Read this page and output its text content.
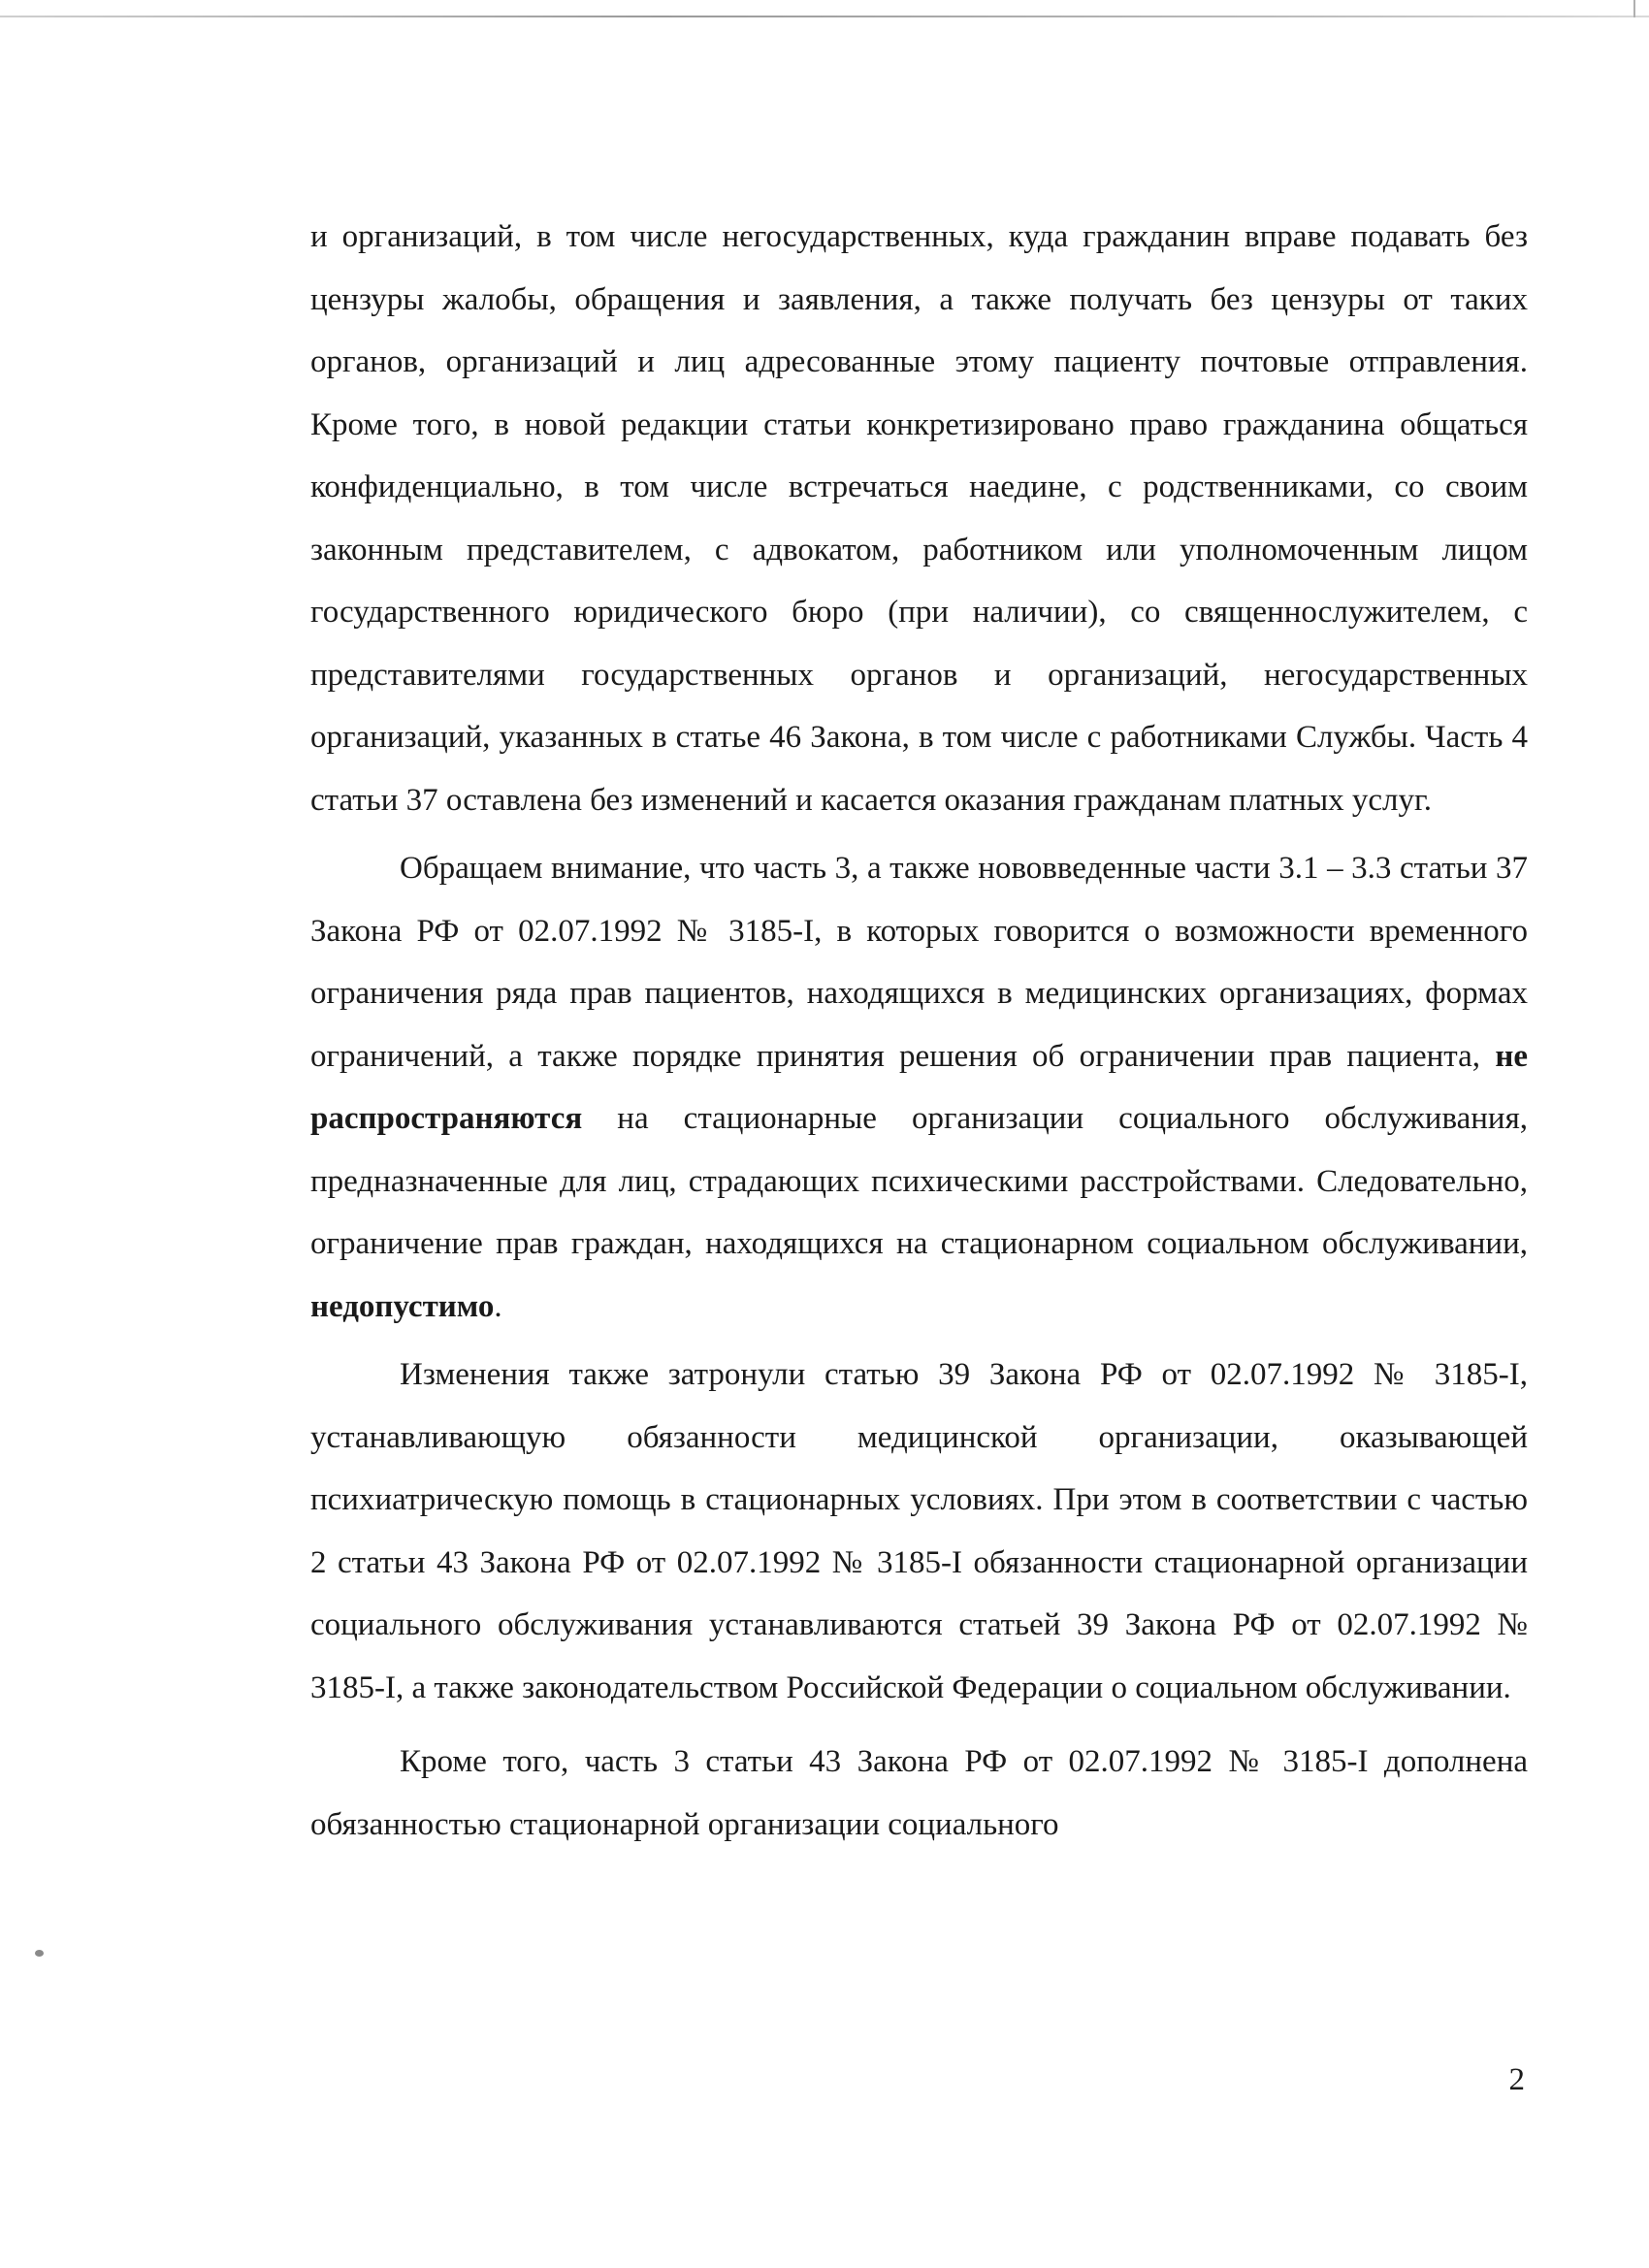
и организаций, в том числе негосударственных, куда гражданин вправе подавать без цензуры жалобы, обращения и заявления, а также получать без цензуры от таких органов, организаций и лиц адресованные этому пациенту почтовые отправления. Кроме того, в новой редакции статьи конкретизировано право гражданина общаться конфиденциально, в том числе встречаться наедине, с родственниками, со своим законным представителем, с адвокатом, работником или уполномоченным лицом государственного юридического бюро (при наличии), со священнослужителем, с представителями государственных органов и организаций, негосударственных организаций, указанных в статье 46 Закона, в том числе с работниками Службы. Часть 4 статьи 37 оставлена без изменений и касается оказания гражданам платных услуг.

Обращаем внимание, что часть 3, а также нововведенные части 3.1 – 3.3 статьи 37 Закона РФ от 02.07.1992 № 3185-I, в которых говорится о возможности временного ограничения ряда прав пациентов, находящихся в медицинских организациях, формах ограничений, а также порядке принятия решения об ограничении прав пациента, не распространяются на стационарные организации социального обслуживания, предназначенные для лиц, страдающих психическими расстройствами. Следовательно, ограничение прав граждан, находящихся на стационарном социальном обслуживании, недопустимо.

Изменения также затронули статью 39 Закона РФ от 02.07.1992 № 3185-I, устанавливающую обязанности медицинской организации, оказывающей психиатрическую помощь в стационарных условиях. При этом в соответствии с частью 2 статьи 43 Закона РФ от 02.07.1992 № 3185-I обязанности стационарной организации социального обслуживания устанавливаются статьей 39 Закона РФ от 02.07.1992 № 3185-I, а также законодательством Российской Федерации о социальном обслуживании.

Кроме того, часть 3 статьи 43 Закона РФ от 02.07.1992 № 3185-I дополнена обязанностью стационарной организации социального

2
